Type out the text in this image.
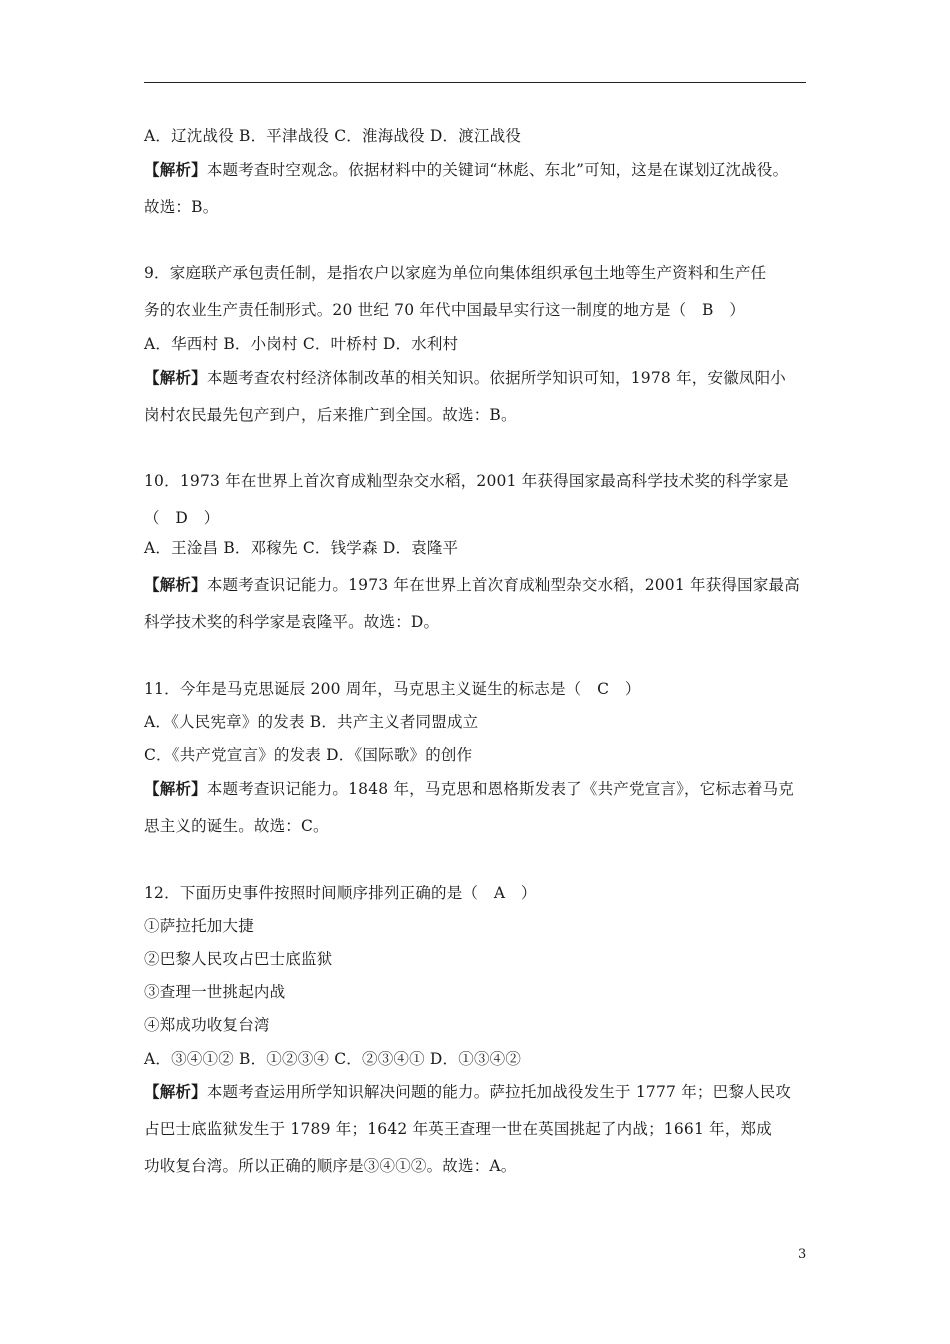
A．辽沈战役 B．平津战役 C．淮海战役 D．渡江战役
【解析】本题考查时空观念。依据材料中的关键词“林彪、东北”可知，这是在谋划辽沈战役。
故选：B。
9．家庭联产承包责任制，是指农户以家庭为单位向集体组织承包土地等生产资料和生产任
务的农业生产责任制形式。20 世纪 70 年代中国最早实行这一制度的地方是（　B　）
A．华西村 B．小岗村 C．叶桥村 D．水利村
【解析】本题考查农村经济体制改革的相关知识。依据所学知识可知，1978 年，安徽凤阳小
岗村农民最先包产到户，后来推广到全国。故选：B。
10．1973 年在世界上首次育成籼型杂交水稻，2001 年获得国家最高科学技术奖的科学家是
（　D　）
A．王淦昌 B．邓稼先 C．钱学森 D．袁隆平
【解析】本题考查识记能力。1973 年在世界上首次育成籼型杂交水稻，2001 年获得国家最高
科学技术奖的科学家是袁隆平。故选：D。
11．今年是马克思诞辰 200 周年，马克思主义诞生的标志是（　C　）
A．《人民宪章》的发表 B．共产主义者同盟成立
C．《共产党宣言》的发表 D．《国际歌》的创作
【解析】本题考查识记能力。1848 年，马克思和恩格斯发表了《共产党宣言》，它标志着马克
思主义的诞生。故选：C。
12．下面历史事件按照时间顺序排列正确的是（　A　）
①萨拉托加大捷
②巴黎人民攻占巴士底监狱
③查理一世挑起内战
④郑成功收复台湾
A．③④①② B．①②③④ C．②③④① D．①③④②
【解析】本题考查运用所学知识解决问题的能力。萨拉托加战役发生于 1777 年；巴黎人民攻
占巴士底监狱发生于 1789 年；1642 年英王查理一世在英国挑起了内战；1661 年，郑成
功收复台湾。所以正确的顺序是③④①②。故选：A。
3
